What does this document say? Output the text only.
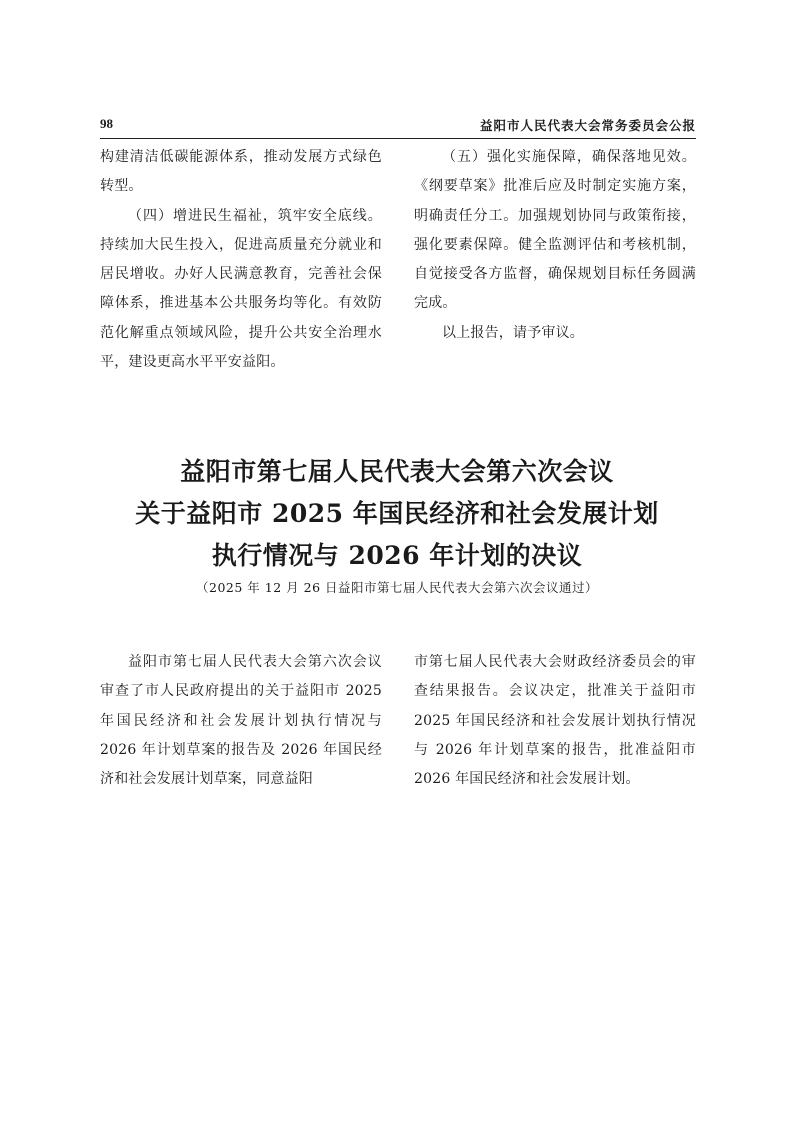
98	益阳市人民代表大会常务委员会公报

构建清洁低碳能源体系，推动发展方式绿色转型。

（四）增进民生福祉，筑牢安全底线。持续加大民生投入，促进高质量充分就业和居民增收。办好人民满意教育，完善社会保障体系，推进基本公共服务均等化。有效防范化解重点领域风险，提升公共安全治理水平，建设更高水平平安益阳。

（五）强化实施保障，确保落地见效。《纲要草案》批准后应及时制定实施方案，明确责任分工。加强规划协同与政策衔接，强化要素保障。健全监测评估和考核机制，自觉接受各方监督，确保规划目标任务圆满完成。

以上报告，请予审议。

益阳市第七届人民代表大会第六次会议
关于益阳市 2025 年国民经济和社会发展计划
执行情况与 2026 年计划的决议
（2025 年 12 月 26 日益阳市第七届人民代表大会第六次会议通过）

益阳市第七届人民代表大会第六次会议审查了市人民政府提出的关于益阳市 2025 年国民经济和社会发展计划执行情况与 2026 年计划草案的报告及 2026 年国民经济和社会发展计划草案，同意益阳

市第七届人民代表大会财政经济委员会的审查结果报告。会议决定，批准关于益阳市 2025 年国民经济和社会发展计划执行情况与 2026 年计划草案的报告，批准益阳市 2026 年国民经济和社会发展计划。
